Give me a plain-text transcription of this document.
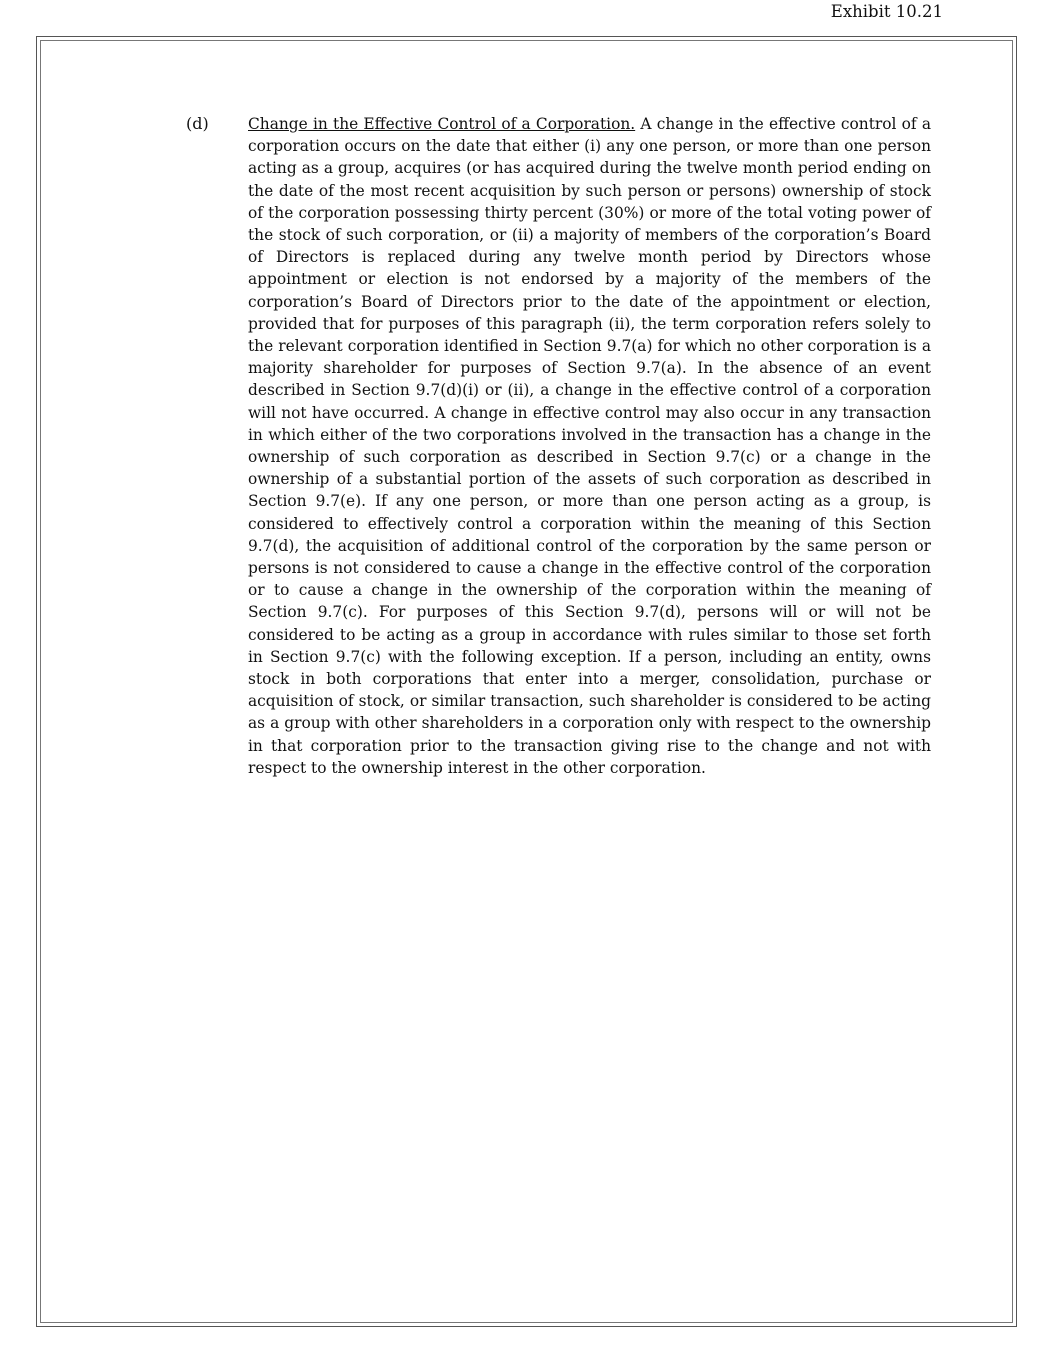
Exhibit 10.21
(d)	Change in the Effective Control of a Corporation. A change in the effective control of a corporation occurs on the date that either (i) any one person, or more than one person acting as a group, acquires (or has acquired during the twelve month period ending on the date of the most recent acquisition by such person or persons) ownership of stock of the corporation possessing thirty percent (30%) or more of the total voting power of the stock of such corporation, or (ii) a majority of members of the corporation’s Board of Directors is replaced during any twelve month period by Directors whose appointment or election is not endorsed by a majority of the members of the corporation’s Board of Directors prior to the date of the appointment or election, provided that for purposes of this paragraph (ii), the term corporation refers solely to the relevant corporation identified in Section 9.7(a) for which no other corporation is a majority shareholder for purposes of Section 9.7(a). In the absence of an event described in Section 9.7(d)(i) or (ii), a change in the effective control of a corporation will not have occurred. A change in effective control may also occur in any transaction in which either of the two corporations involved in the transaction has a change in the ownership of such corporation as described in Section 9.7(c) or a change in the ownership of a substantial portion of the assets of such corporation as described in Section 9.7(e). If any one person, or more than one person acting as a group, is considered to effectively control a corporation within the meaning of this Section 9.7(d), the acquisition of additional control of the corporation by the same person or persons is not considered to cause a change in the effective control of the corporation or to cause a change in the ownership of the corporation within the meaning of Section 9.7(c). For purposes of this Section 9.7(d), persons will or will not be considered to be acting as a group in accordance with rules similar to those set forth in Section 9.7(c) with the following exception. If a person, including an entity, owns stock in both corporations that enter into a merger, consolidation, purchase or acquisition of stock, or similar transaction, such shareholder is considered to be acting as a group with other shareholders in a corporation only with respect to the ownership in that corporation prior to the transaction giving rise to the change and not with respect to the ownership interest in the other corporation.
